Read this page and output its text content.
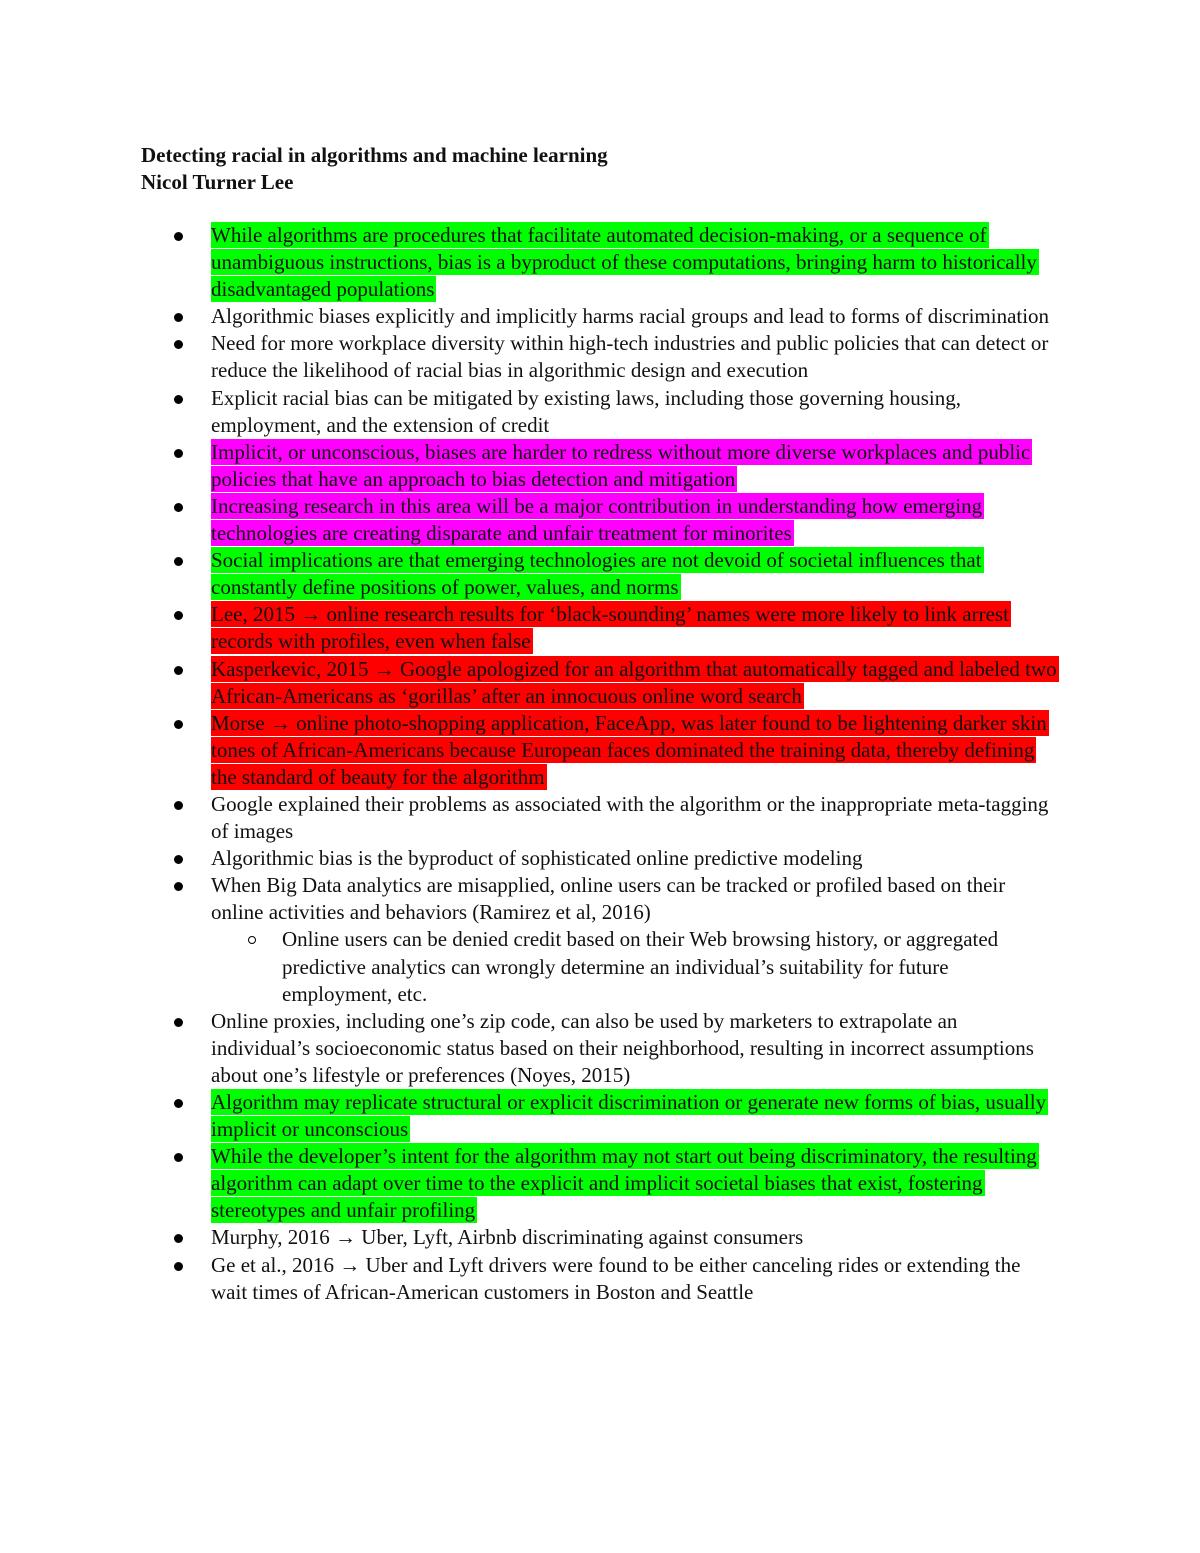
Detecting racial in algorithms and machine learning
Nicol Turner Lee
While algorithms are procedures that facilitate automated decision-making, or a sequence of unambiguous instructions, bias is a byproduct of these computations, bringing harm to historically disadvantaged populations
Algorithmic biases explicitly and implicitly harms racial groups and lead to forms of discrimination
Need for more workplace diversity within high-tech industries and public policies that can detect or reduce the likelihood of racial bias in algorithmic design and execution
Explicit racial bias can be mitigated by existing laws, including those governing housing, employment, and the extension of credit
Implicit, or unconscious, biases are harder to redress without more diverse workplaces and public policies that have an approach to bias detection and mitigation
Increasing research in this area will be a major contribution in understanding how emerging technologies are creating disparate and unfair treatment for minorites
Social implications are that emerging technologies are not devoid of societal influences that constantly define positions of power, values, and norms
Lee, 2015 → online research results for ‘black-sounding’ names were more likely to link arrest records with profiles, even when false
Kasperkevic, 2015 → Google apologized for an algorithm that automatically tagged and labeled two African-Americans as ‘gorillas’ after an innocuous online word search
Morse → online photo-shopping application, FaceApp, was later found to be lightening darker skin tones of African-Americans because European faces dominated the training data, thereby defining the standard of beauty for the algorithm
Google explained their problems as associated with the algorithm or the inappropriate meta-tagging of images
Algorithmic bias is the byproduct of sophisticated online predictive modeling
When Big Data analytics are misapplied, online users can be tracked or profiled based on their online activities and behaviors (Ramirez et al, 2016)
Online users can be denied credit based on their Web browsing history, or aggregated predictive analytics can wrongly determine an individual’s suitability for future employment, etc.
Online proxies, including one’s zip code, can also be used by marketers to extrapolate an individual’s socioeconomic status based on their neighborhood, resulting in incorrect assumptions about one’s lifestyle or preferences (Noyes, 2015)
Algorithm may replicate structural or explicit discrimination or generate new forms of bias, usually implicit or unconscious
While the developer’s intent for the algorithm may not start out being discriminatory, the resulting algorithm can adapt over time to the explicit and implicit societal biases that exist, fostering stereotypes and unfair profiling
Murphy, 2016 → Uber, Lyft, Airbnb discriminating against consumers
Ge et al., 2016 → Uber and Lyft drivers were found to be either canceling rides or extending the wait times of African-American customers in Boston and Seattle
